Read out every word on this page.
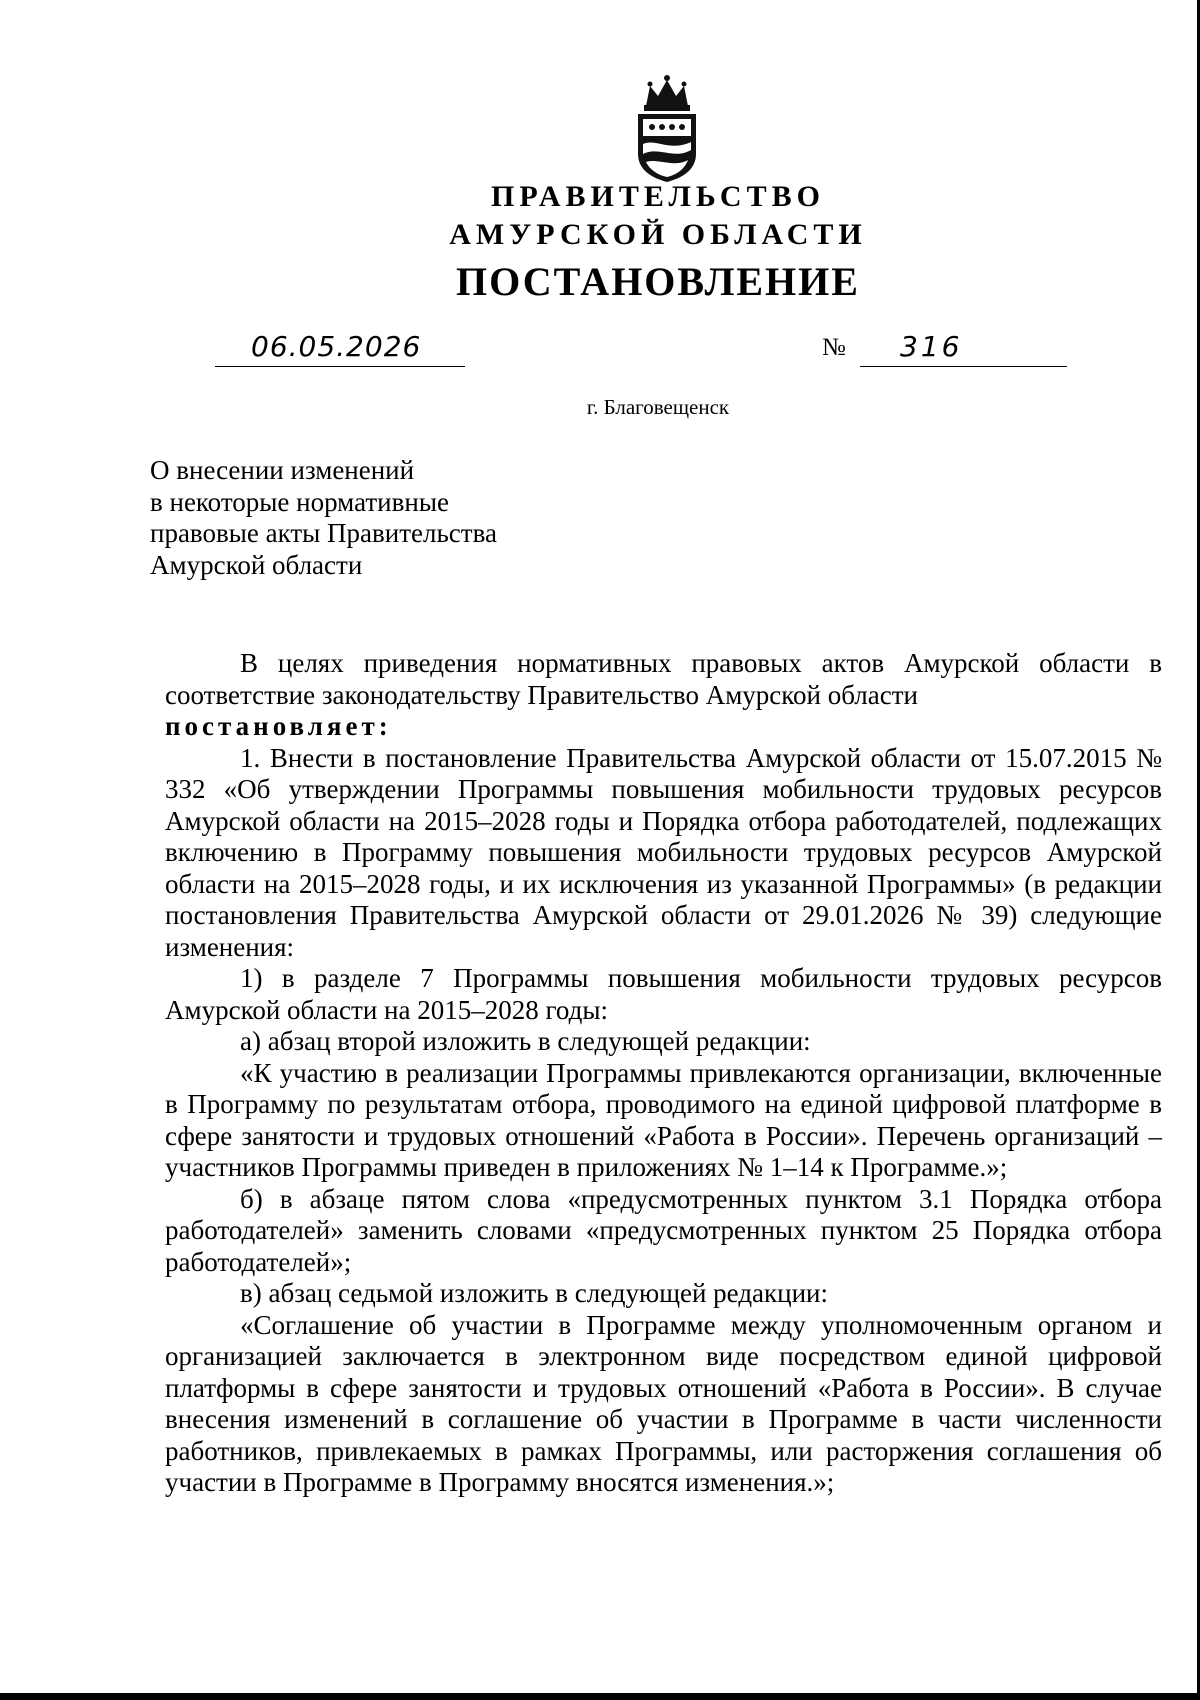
ПРАВИТЕЛЬСТВО
АМУРСКОЙ ОБЛАСТИ
ПОСТАНОВЛЕНИЕ
06.05.2026	№ 316
г. Благовещенск
О внесении изменений
в некоторые нормативные
правовые акты Правительства
Амурской области

В целях приведения нормативных правовых актов Амурской области в соответствие законодательству Правительство Амурской области

постановляет:

1. Внести в постановление Правительства Амурской области от 15.07.2015 № 332 «Об утверждении Программы повышения мобильности трудовых ресурсов Амурской области на 2015–2028 годы и Порядка отбора работодателей, подлежащих включению в Программу повышения мобильности трудовых ресурсов Амурской области на 2015–2028 годы, и их исключения из указанной Программы» (в редакции постановления Правительства Амурской области от 29.01.2026 № 39) следующие изменения:

1) в разделе 7 Программы повышения мобильности трудовых ресурсов Амурской области на 2015–2028 годы:

а) абзац второй изложить в следующей редакции:

«К участию в реализации Программы привлекаются организации, включенные в Программу по результатам отбора, проводимого на единой цифровой платформе в сфере занятости и трудовых отношений «Работа в России». Перечень организаций – участников Программы приведен в приложениях № 1–14 к Программе.»;

б) в абзаце пятом слова «предусмотренных пунктом 3.1 Порядка отбора работодателей» заменить словами «предусмотренных пунктом 25 Порядка отбора работодателей»;

в) абзац седьмой изложить в следующей редакции:

«Соглашение об участии в Программе между уполномоченным органом и организацией заключается в электронном виде посредством единой цифровой платформы в сфере занятости и трудовых отношений «Работа в России». В случае внесения изменений в соглашение об участии в Программе в части численности работников, привлекаемых в рамках Программы, или расторжения соглашения об участии в Программе в Программу вносятся изменения.»;
